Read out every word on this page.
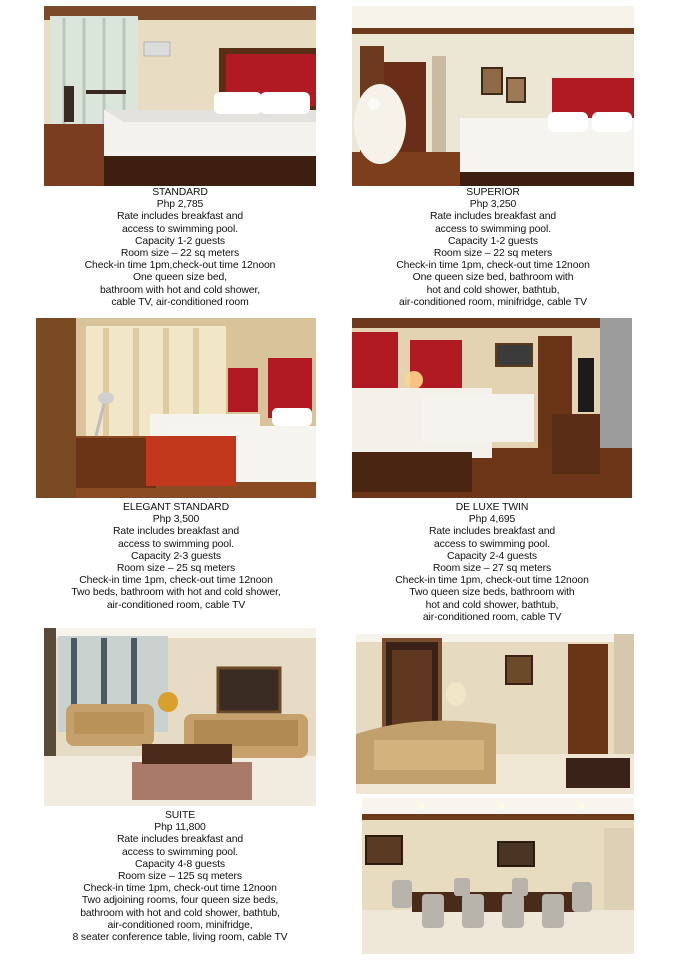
STANDARD
Php 2,785
Rate includes breakfast and
access to swimming pool.
Capacity 1-2 guests
Room size – 22 sq meters
Check-in time 1pm,check-out time 12noon
One queen size bed,
bathroom with hot and cold shower,
cable TV, air-conditioned room
SUPERIOR
Php 3,250
Rate includes breakfast and
access to swimming pool.
Capacity 1-2 guests
Room size – 22 sq meters
Check-in time 1pm, check-out time 12noon
One queen size bed, bathroom with
hot and cold shower, bathtub,
air-conditioned room, minifridge, cable TV
ELEGANT STANDARD
Php 3,500
Rate includes breakfast and
access to swimming pool.
Capacity 2-3 guests
Room size – 25 sq meters
Check-in time 1pm, check-out time 12noon
Two beds, bathroom with hot and cold shower,
air-conditioned room, cable TV
DE LUXE TWIN
Php 4,695
Rate includes breakfast and
access to swimming pool.
Capacity 2-4 guests
Room size – 27 sq meters
Check-in time 1pm, check-out time 12noon
Two queen size beds, bathroom with
hot and cold shower, bathtub,
air-conditioned room, cable TV
SUITE
Php 11,800
Rate includes breakfast and
access to swimming pool.
Capacity 4-8 guests
Room size – 125 sq meters
Check-in time 1pm, check-out time 12noon
Two adjoining rooms, four queen size beds,
bathroom with hot and cold shower, bathtub,
air-conditioned room, minifridge,
8 seater conference table, living room, cable TV
